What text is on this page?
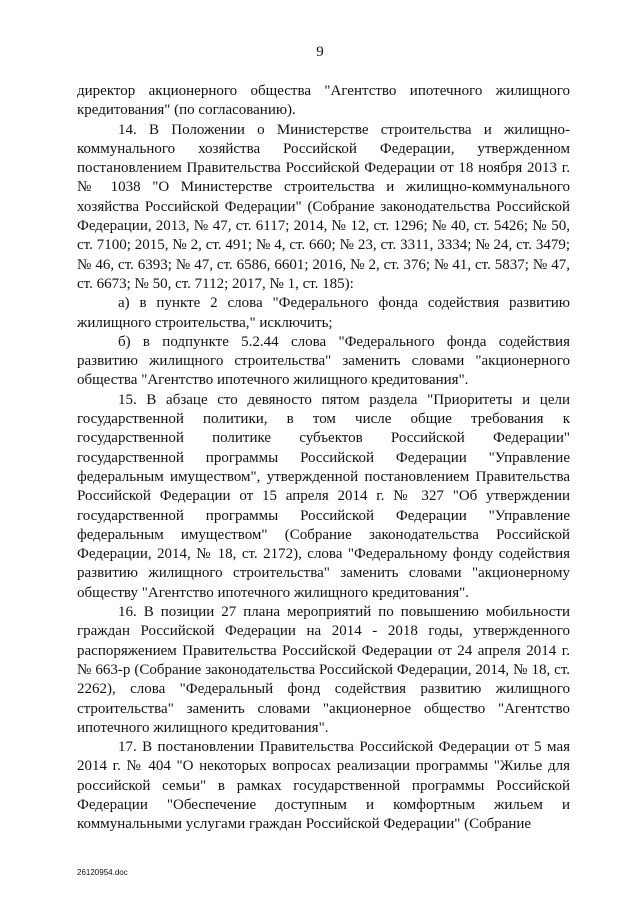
9

директор акционерного общества "Агентство ипотечного жилищного кредитования" (по согласованию).

14. В Положении о Министерстве строительства и жилищно-коммунального хозяйства Российской Федерации, утвержденном постановлением Правительства Российской Федерации от 18 ноября 2013 г. № 1038 "О Министерстве строительства и жилищно-коммунального хозяйства Российской Федерации" (Собрание законодательства Российской Федерации, 2013, № 47, ст. 6117; 2014, № 12, ст. 1296; № 40, ст. 5426; № 50, ст. 7100; 2015, № 2, ст. 491; № 4, ст. 660; № 23, ст. 3311, 3334; № 24, ст. 3479; № 46, ст. 6393; № 47, ст. 6586, 6601; 2016, № 2, ст. 376; № 41, ст. 5837; № 47, ст. 6673; № 50, ст. 7112; 2017, № 1, ст. 185):

а) в пункте 2 слова "Федерального фонда содействия развитию жилищного строительства," исключить;

б) в подпункте 5.2.44 слова "Федерального фонда содействия развитию жилищного строительства" заменить словами "акционерного общества "Агентство ипотечного жилищного кредитования".

15. В абзаце сто девяносто пятом раздела "Приоритеты и цели государственной политики, в том числе общие требования к государственной политике субъектов Российской Федерации" государственной программы Российской Федерации "Управление федеральным имуществом", утвержденной постановлением Правительства Российской Федерации от 15 апреля 2014 г. № 327 "Об утверждении государственной программы Российской Федерации "Управление федеральным имуществом" (Собрание законодательства Российской Федерации, 2014, № 18, ст. 2172), слова "Федеральному фонду содействия развитию жилищного строительства" заменить словами "акционерному обществу "Агентство ипотечного жилищного кредитования".

16. В позиции 27 плана мероприятий по повышению мобильности граждан Российской Федерации на 2014 - 2018 годы, утвержденного распоряжением Правительства Российской Федерации от 24 апреля 2014 г. № 663-р (Собрание законодательства Российской Федерации, 2014, № 18, ст. 2262), слова "Федеральный фонд содействия развитию жилищного строительства" заменить словами "акционерное общество "Агентство ипотечного жилищного кредитования".

17. В постановлении Правительства Российской Федерации от 5 мая 2014 г. № 404 "О некоторых вопросах реализации программы "Жилье для российской семьи" в рамках государственной программы Российской Федерации "Обеспечение доступным и комфортным жильем и коммунальными услугами граждан Российской Федерации" (Собрание

26120954.doc
